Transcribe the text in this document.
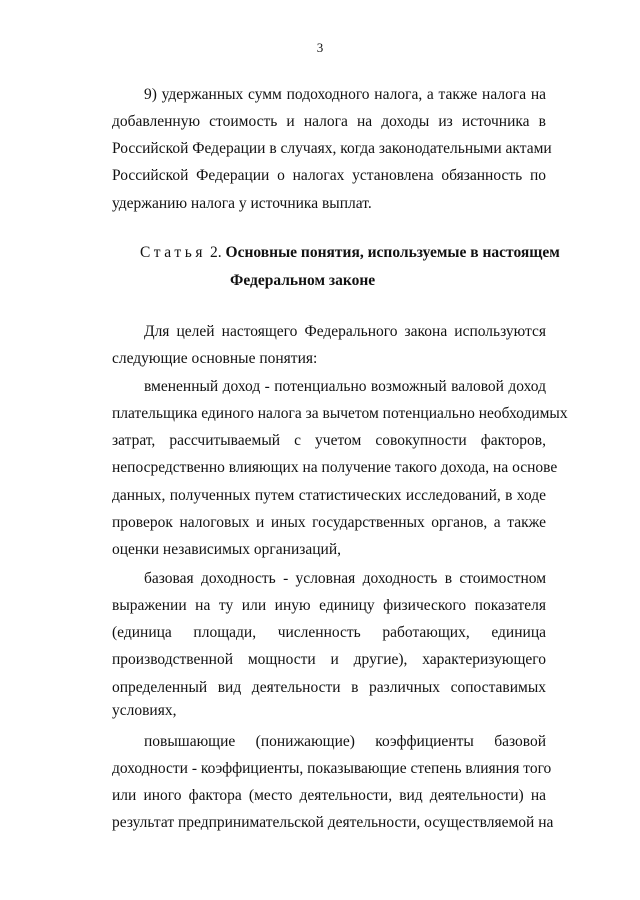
3
9) удержанных сумм подоходного налога, а также налога на
добавленную стоимость и налога на доходы из источника в
Российской Федерации в случаях, когда законодательными актами
Российской Федерации о налогах установлена обязанность по
удержанию налога у источника выплат.
Статья 2. Основные понятия, используемые в настоящем
Федеральном законе
Для целей настоящего Федерального закона используются
следующие основные понятия:
вмененный доход - потенциально возможный валовой доход
плательщика единого налога за вычетом потенциально необходимых
затрат, рассчитываемый с учетом совокупности факторов,
непосредственно влияющих на получение такого дохода, на основе
данных, полученных путем статистических исследований, в ходе
проверок налоговых и иных государственных органов, а также
оценки независимых организаций,
базовая доходность - условная доходность в стоимостном
выражении на ту или иную единицу физического показателя
(единица площади, численность работающих, единица
производственной мощности и другие), характеризующего
определенный вид деятельности в различных сопоставимых
условиях,
повышающие (понижающие) коэффициенты базовой
доходности - коэффициенты, показывающие степень влияния того
или иного фактора (место деятельности, вид деятельности) на
результат предпринимательской деятельности, осуществляемой на
